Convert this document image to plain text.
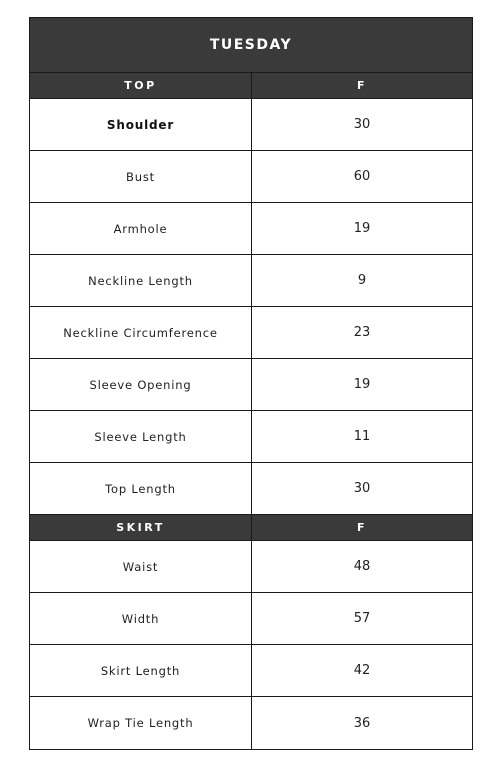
TUESDAY
TOP	F
Shoulder	30
Bust	60
Armhole	19
Neckline Length	9
Neckline Circumference	23
Sleeve Opening	19
Sleeve Length	11
Top Length	30
SKIRT	F
Waist	48
Width	57
Skirt Length	42
Wrap Tie Length	36
